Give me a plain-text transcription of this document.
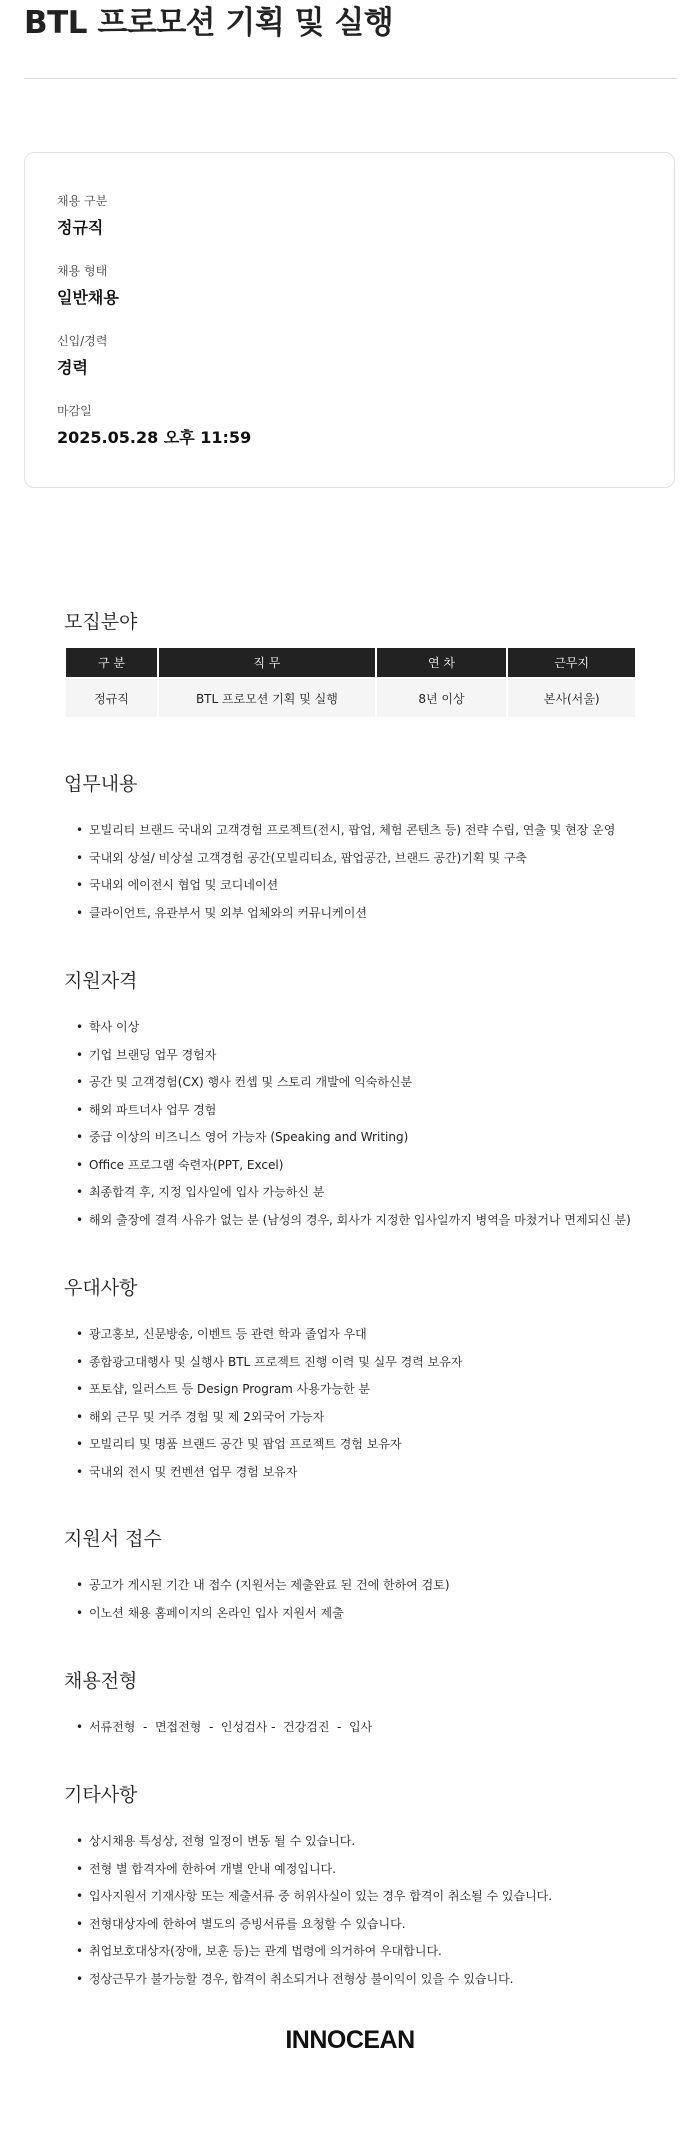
BTL 프로모션 기획 및 실행
채용 구분
정규직
채용 형태
일반채용
신입/경력
경력
마감일
2025.05.28 오후 11:59
모집분야
구 분	직 무	연 차	근무지
정규직	BTL 프로모션 기획 및 실행	8년 이상	본사(서울)
업무내용
• 모빌리티 브랜드 국내외 고객경험 프로젝트(전시, 팝업, 체험 콘텐츠 등) 전략 수립, 연출 및 현장 운영
• 국내외 상설/ 비상설 고객경험 공간(모빌리티쇼, 팝업공간, 브랜드 공간)기획 및 구축
• 국내외 에이전시 협업 및 코디네이션
• 클라이언트, 유관부서 및 외부 업체와의 커뮤니케이션
지원자격
• 학사 이상
• 기업 브랜딩 업무 경험자
• 공간 및 고객경험(CX) 행사 컨셉 및 스토리 개발에 익숙하신분
• 해외 파트너사 업무 경험
• 중급 이상의 비즈니스 영어 가능자 (Speaking and Writing)
• Office 프로그램 숙련자(PPT, Excel)
• 최종합격 후, 지정 입사일에 입사 가능하신 분
• 해외 출장에 결격 사유가 없는 분 (남성의 경우, 회사가 지정한 입사일까지 병역을 마쳤거나 면제되신 분)
우대사항
• 광고홍보, 신문방송, 이벤트 등 관련 학과 졸업자 우대
• 종합광고대행사 및 실행사 BTL 프로젝트 진행 이력 및 실무 경력 보유자
• 포토샵, 일러스트 등 Design Program 사용가능한 분
• 해외 근무 및 거주 경험 및 제 2외국어 가능자
• 모빌리티 및 명품 브랜드 공간 및 팝업 프로젝트 경험 보유자
• 국내외 전시 및 컨벤션 업무 경험 보유자
지원서 접수
• 공고가 게시된 기간 내 접수 (지원서는 제출완료 된 건에 한하여 검토)
• 이노션 채용 홈페이지의 온라인 입사 지원서 제출
채용전형
• 서류전형  -  면접전형  -  인성검사 -  건강검진  -  입사
기타사항
• 상시채용 특성상, 전형 일정이 변동 될 수 있습니다.
• 전형 별 합격자에 한하여 개별 안내 예정입니다.
• 입사지원서 기재사항 또는 제출서류 중 허위사실이 있는 경우 합격이 취소될 수 있습니다.
• 전형대상자에 한하여 별도의 증빙서류를 요청할 수 있습니다.
• 취업보호대상자(장애, 보훈 등)는 관계 법령에 의거하여 우대합니다.
• 정상근무가 불가능할 경우, 합격이 취소되거나 전형상 불이익이 있을 수 있습니다.
INNOCEAN
